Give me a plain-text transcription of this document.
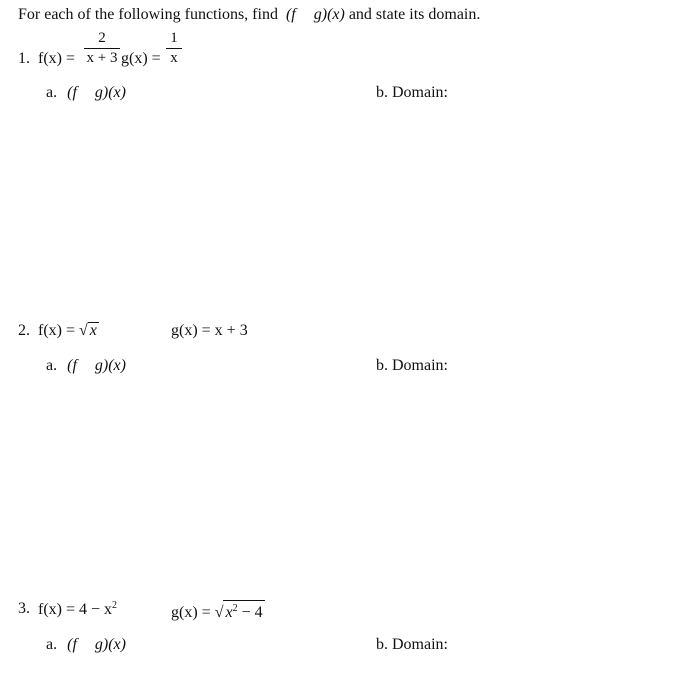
For each of the following functions, find (f g)(x) and state its domain.
1. $f(x) = \frac{2}{x + 3} g(x) = \frac{1}{x}$
a. (f g)(x)	b. Domain:
2. f(x) = √ x	g(x) = x + 3
a. (f g)(x)	b. Domain:
3. $f(x) = 4 - x^2$	g(x) = √ $x^2 - 4$
a. (f g)(x)	b. Domain:
